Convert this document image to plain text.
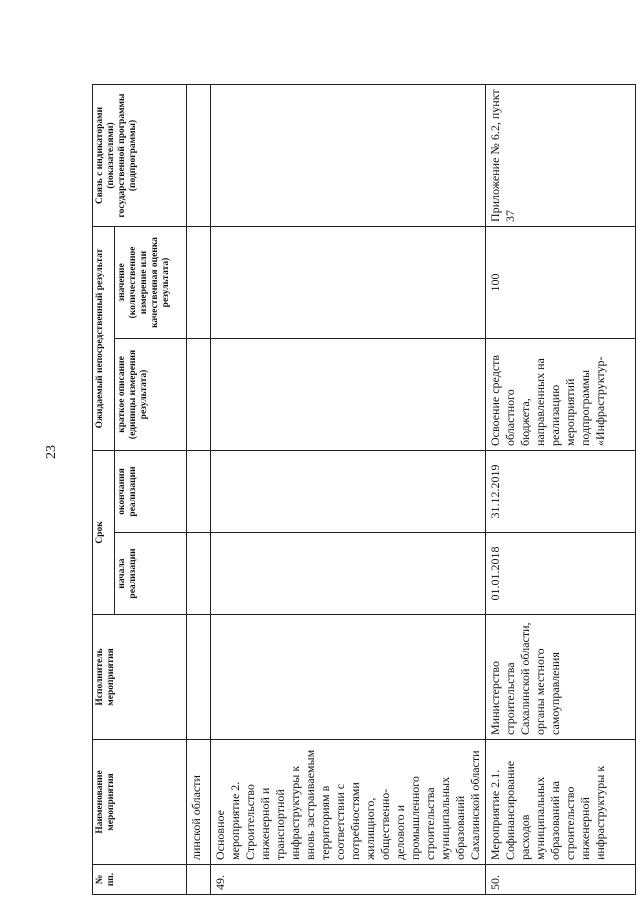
23
№ пп.	Наименование мероприятия	Исполнитель мероприятия	Срок		Ожидаемый непосредственный результат		Связь с индикаторами (показателями) государственной программы (подпрограммы)
			начала реализации	окончания реализации	краткое описание (единицы измерения результата)	значение (количественное измерение или качественная оценка результата)	
	линской области						
49.	Основное мероприятие 2. Строительство инженерной и транспортной инфраструктуры к вновь застраиваемым территориям в соответствии с потребностями жилищного, общественно-делового и промышленного строительства муниципальных образований Сахалинской области						
50.	Мероприятие 2.1. Софинансирование расходов муниципальных образований на строительство инженерной инфраструктуры к	Министерство строительства Сахалинской области, органы местного самоуправления	01.01.2018	31.12.2019	Освоение средств областного бюджета, направленных на реализацию мероприятий подпрограммы «Инфраструктур-	100	Приложение № 6.2, пункт 37
